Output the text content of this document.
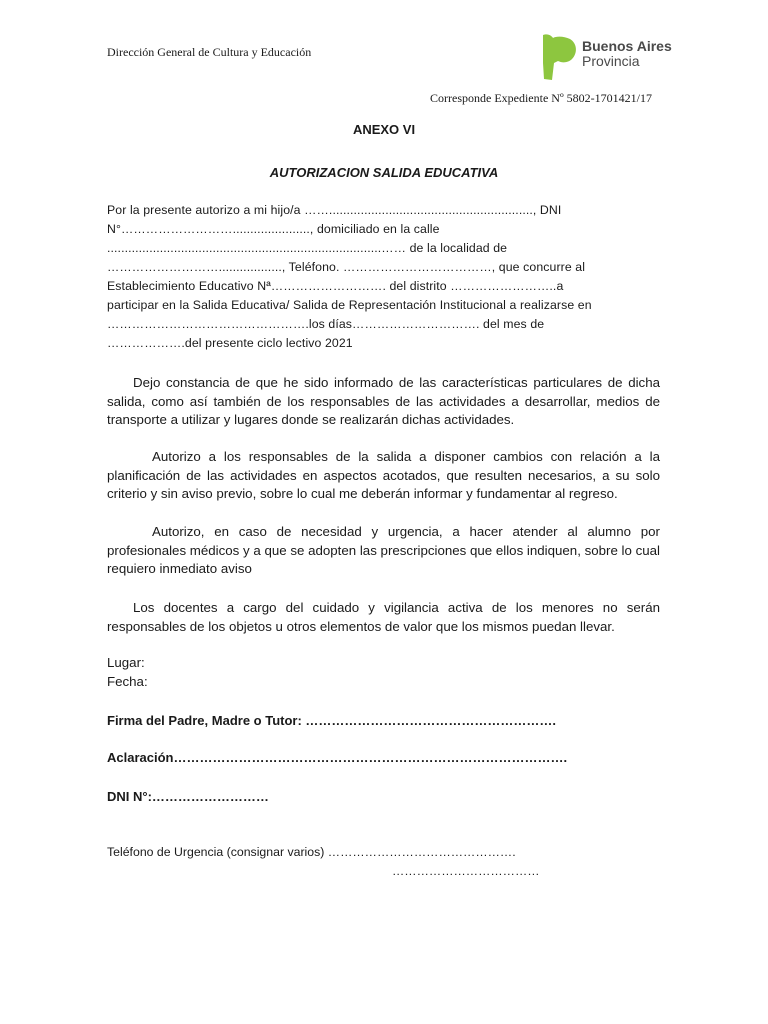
Dirección General de Cultura y Educación	Buenos Aires
Provincia
Corresponde Expediente Nº 5802-1701421/17
ANEXO VI
AUTORIZACION SALIDA EDUCATIVA
Por la presente autorizo a mi hijo/a …….........................................................., DNI
N°………………………......................, domiciliado en la calle
..............................................................................…… de la localidad de
……………………….................., Teléfono. ………………………………, que concurre al
Establecimiento Educativo Nª………………………. del distrito ……………………..a
participar en la Salida Educativa/ Salida de Representación Institucional a realizarse en
………………………………………….los días…………………………. del mes de
……………….del presente ciclo lectivo 2021

Dejo constancia de que he sido informado de las características particulares de dicha salida, como así también de los responsables de las actividades a desarrollar, medios de transporte a utilizar y lugares donde se realizarán dichas actividades.

Autorizo a los responsables de la salida a disponer cambios con relación a la planificación de las actividades en aspectos acotados, que resulten necesarios, a su solo criterio y sin aviso previo, sobre lo cual me deberán informar y fundamentar al regreso.

Autorizo, en caso de necesidad y urgencia, a hacer atender al alumno por profesionales médicos y a que se adopten las prescripciones que ellos indiquen, sobre lo cual requiero inmediato aviso

Los docentes a cargo del cuidado y vigilancia activa de los menores no serán responsables de los objetos u otros elementos de valor que los mismos puedan llevar.

Lugar:
Fecha:
Firma del Padre, Madre o Tutor: ………………………………………………….
Aclaración……………………………………………………………………………….
DNI N°:………………………
Teléfono de Urgencia (consignar varios) ……………………………………….
………………………………
